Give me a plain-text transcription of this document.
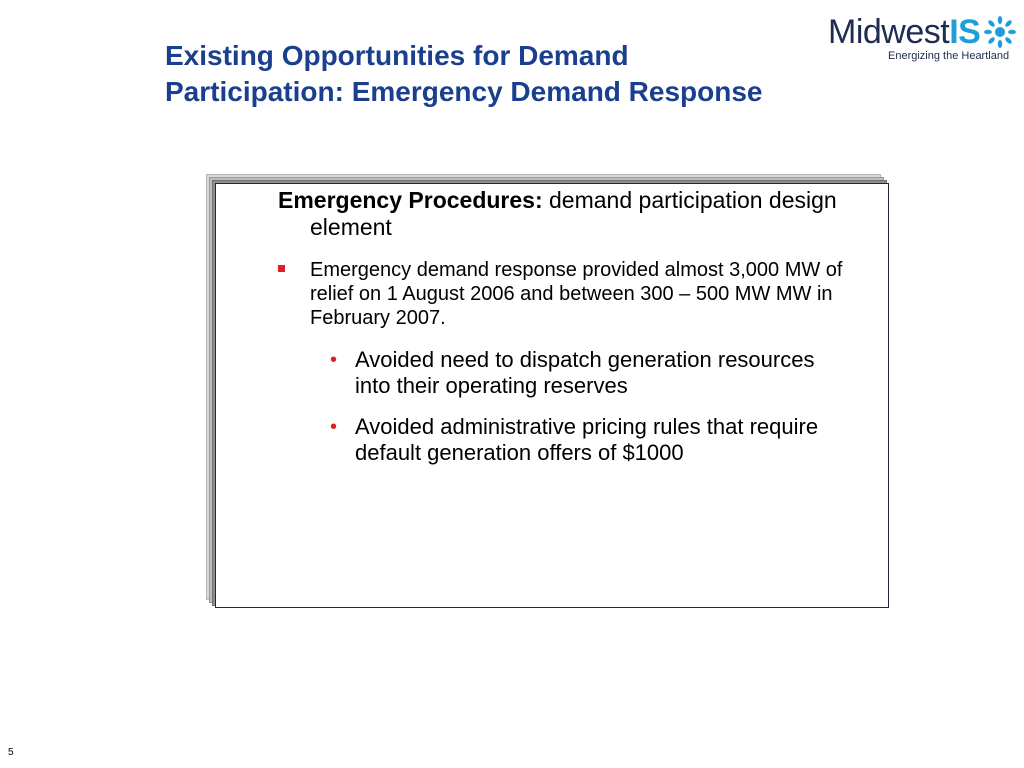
Existing Opportunities for Demand
Participation: Emergency Demand Response
MidwestIS
Energizing the Heartland
Emergency Procedures: demand participation design element
Emergency demand response provided almost 3,000 MW of relief on 1 August 2006 and between 300 – 500 MW MW in February 2007.
• Avoided need to dispatch generation resources into their operating reserves
• Avoided administrative pricing rules that require default generation offers of $1000
5
